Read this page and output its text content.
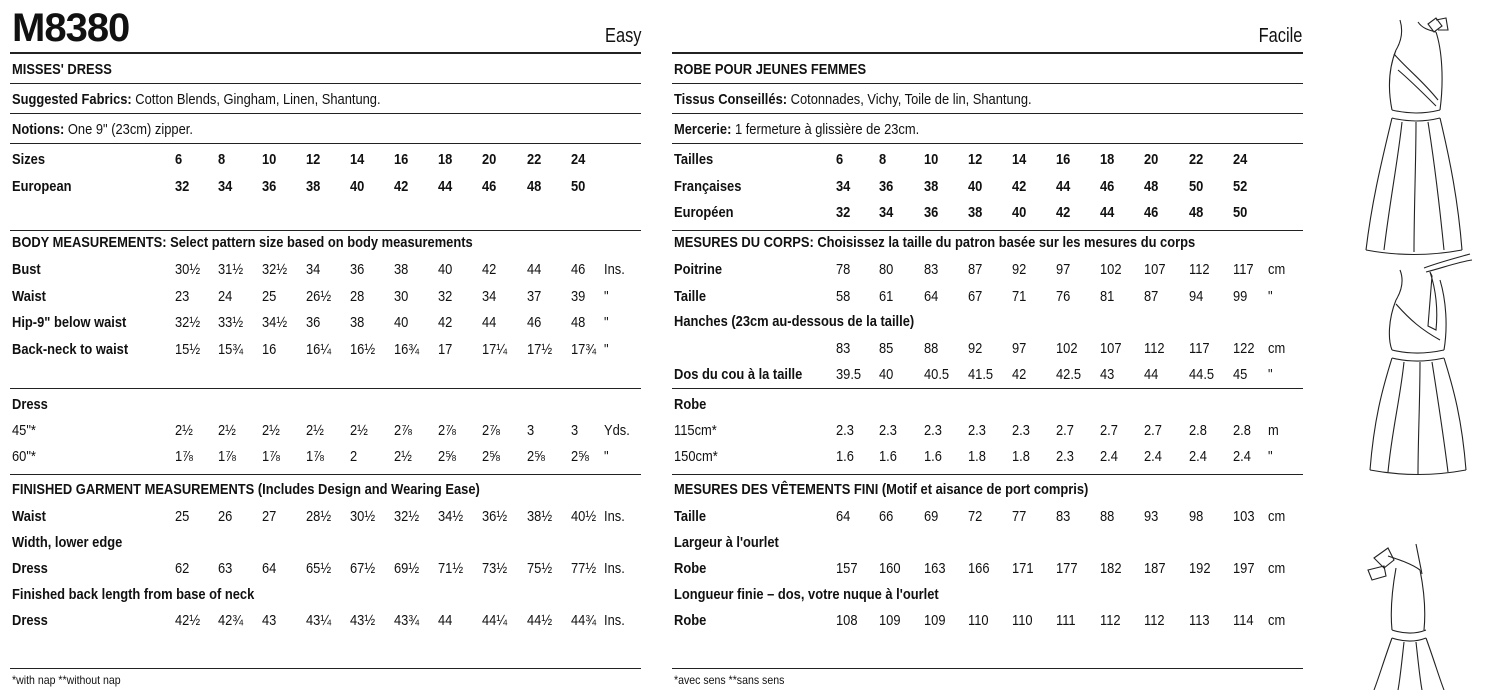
M8380	Easy
MISSES' DRESS
Suggested Fabrics: Cotton Blends, Gingham, Linen, Shantung.
Notions: One 9" (23cm) zipper.
Sizes	6 8 10 12 14 16 18 20 22 24
European	32 34 36 38 40 42 44 46 48 50
BODY MEASUREMENTS: Select pattern size based on body measurements
Bust	30½ 31½ 32½ 34 36 38 40 42 44 46 Ins.
Waist	23 24 25 26½ 28 30 32 34 37 39 "
Hip-9" below waist	32½ 33½ 34½ 36 38 40 42 44 46 48 "
Back-neck to waist	15½ 15¾ 16 16¼ 16½ 16¾ 17 17¼ 17½ 17¾ "
Dress
45"*	2½ 2½ 2½ 2½ 2½ 2⅞ 2⅞ 2⅞ 3 3 Yds.
60"*	1⅞ 1⅞ 1⅞ 1⅞ 2 2½ 2⅝ 2⅝ 2⅝ 2⅝ "
FINISHED GARMENT MEASUREMENTS (Includes Design and Wearing Ease)
Waist	25 26 27 28½ 30½ 32½ 34½ 36½ 38½ 40½ Ins.
Width, lower edge
Dress	62 63 64 65½ 67½ 69½ 71½ 73½ 75½ 77½ Ins.
Finished back length from base of neck
Dress	42½ 42¾ 43 43¼ 43½ 43¾ 44 44¼ 44½ 44¾ Ins.
*with nap **without nap
Facile
ROBE POUR JEUNES FEMMES
Tissus Conseillés: Cotonnades, Vichy, Toile de lin, Shantung.
Mercerie: 1 fermeture à glissière de 23cm.
Tailles	6 8	10 12 14 16 18 20 22 24
Françaises	34 36 38 40 42 44 46 48 50 52
Européen	32 34 36 38 40 42 44 46 48 50
MESURES DU CORPS: Choisissez la taille du patron basée sur les mesures du corps
Poitrine	78 80 83 87 92 97 102 107 112 117 cm
Taille	58 61 64 67 71 76 81 87 94 99 "
Hanches (23cm au-dessous de la taille)
83 85 88 92 97 102 107 112 117 122 cm
Dos du cou à la taille 39.5 40 40.5 41.5 42 42.5 43 44 44.5 45 "
Robe
115cm*	2.3 2.3 2.3 2.3 2.3 2.7 2.7 2.7 2.8 2.8 m
150cm*	1.6 1.6 1.6 1.8 1.8 2.3 2.4 2.4 2.4 2.4 "
MESURES DES VÊTEMENTS FINI (Motif et aisance de port compris)
Taille	64 66 69 72 77 83 88 93 98 103 cm
Largeur à l'ourlet
Robe	157 160 163 166 171 177 182 187 192 197 cm
Longueur finie – dos, votre nuque à l'ourlet
Robe	108 109 109 110 110 111 112 112 113 114 cm
*avec sens **sans sens
